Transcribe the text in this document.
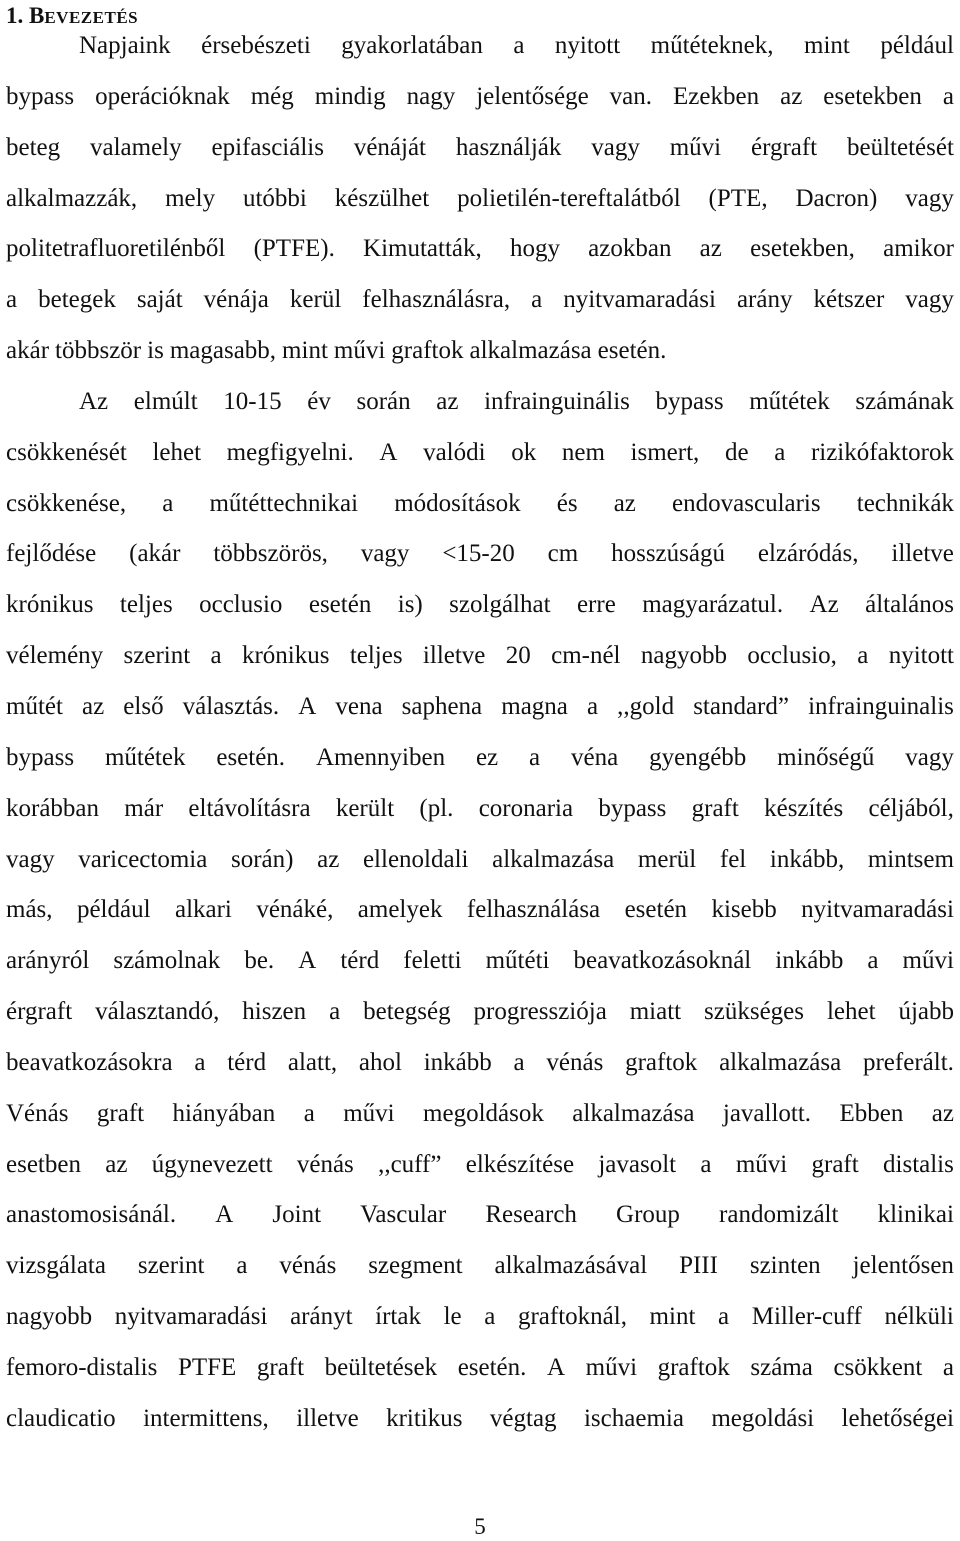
1. BEVEZETÉS
Napjaink érsebészeti gyakorlatában a nyitott műtéteknek, mint például
bypass operációknak még mindig nagy jelentősége van. Ezekben az esetekben a
beteg valamely epifasciális vénáját használják vagy művi érgraft beültetését
alkalmazzák, mely utóbbi készülhet polietilén-tereftalátból (PTE, Dacron) vagy
politetrafluoretilénből (PTFE). Kimutatták, hogy azokban az esetekben, amikor
a betegek saját vénája kerül felhasználásra, a nyitvamaradási arány kétszer vagy
akár többször is magasabb, mint művi graftok alkalmazása esetén.
Az elmúlt 10-15 év során az infrainguinális bypass műtétek számának
csökkenését lehet megfigyelni. A valódi ok nem ismert, de a rizikófaktorok
csökkenése, a műtéttechnikai módosítások és az endovascularis technikák
fejlődése (akár többszörös, vagy <15-20 cm hosszúságú elzáródás, illetve
krónikus teljes occlusio esetén is) szolgálhat erre magyarázatul. Az általános
vélemény szerint a krónikus teljes illetve 20 cm-nél nagyobb occlusio, a nyitott
műtét az első választás. A vena saphena magna a ,,gold standard” infrainguinalis
bypass műtétek esetén. Amennyiben ez a véna gyengébb minőségű vagy
korábban már eltávolításra került (pl. coronaria bypass graft készítés céljából,
vagy varicectomia során) az ellenoldali alkalmazása merül fel inkább, mintsem
más, például alkari vénáké, amelyek felhasználása esetén kisebb nyitvamaradási
arányról számolnak be. A térd feletti műtéti beavatkozásoknál inkább a művi
érgraft választandó, hiszen a betegség progressziója miatt szükséges lehet újabb
beavatkozásokra a térd alatt, ahol inkább a vénás graftok alkalmazása preferált.
Vénás graft hiányában a művi megoldások alkalmazása javallott. Ebben az
esetben az úgynevezett vénás ,,cuff” elkészítése javasolt a művi graft distalis
anastomosisánál. A Joint Vascular Research Group randomizált klinikai
vizsgálata szerint a vénás szegment alkalmazásával PIII szinten jelentősen
nagyobb nyitvamaradási arányt írtak le a graftoknál, mint a Miller-cuff nélküli
femoro-distalis PTFE graft beültetések esetén. A művi graftok száma csökkent a
claudicatio intermittens, illetve kritikus végtag ischaemia megoldási lehetőségei
5
